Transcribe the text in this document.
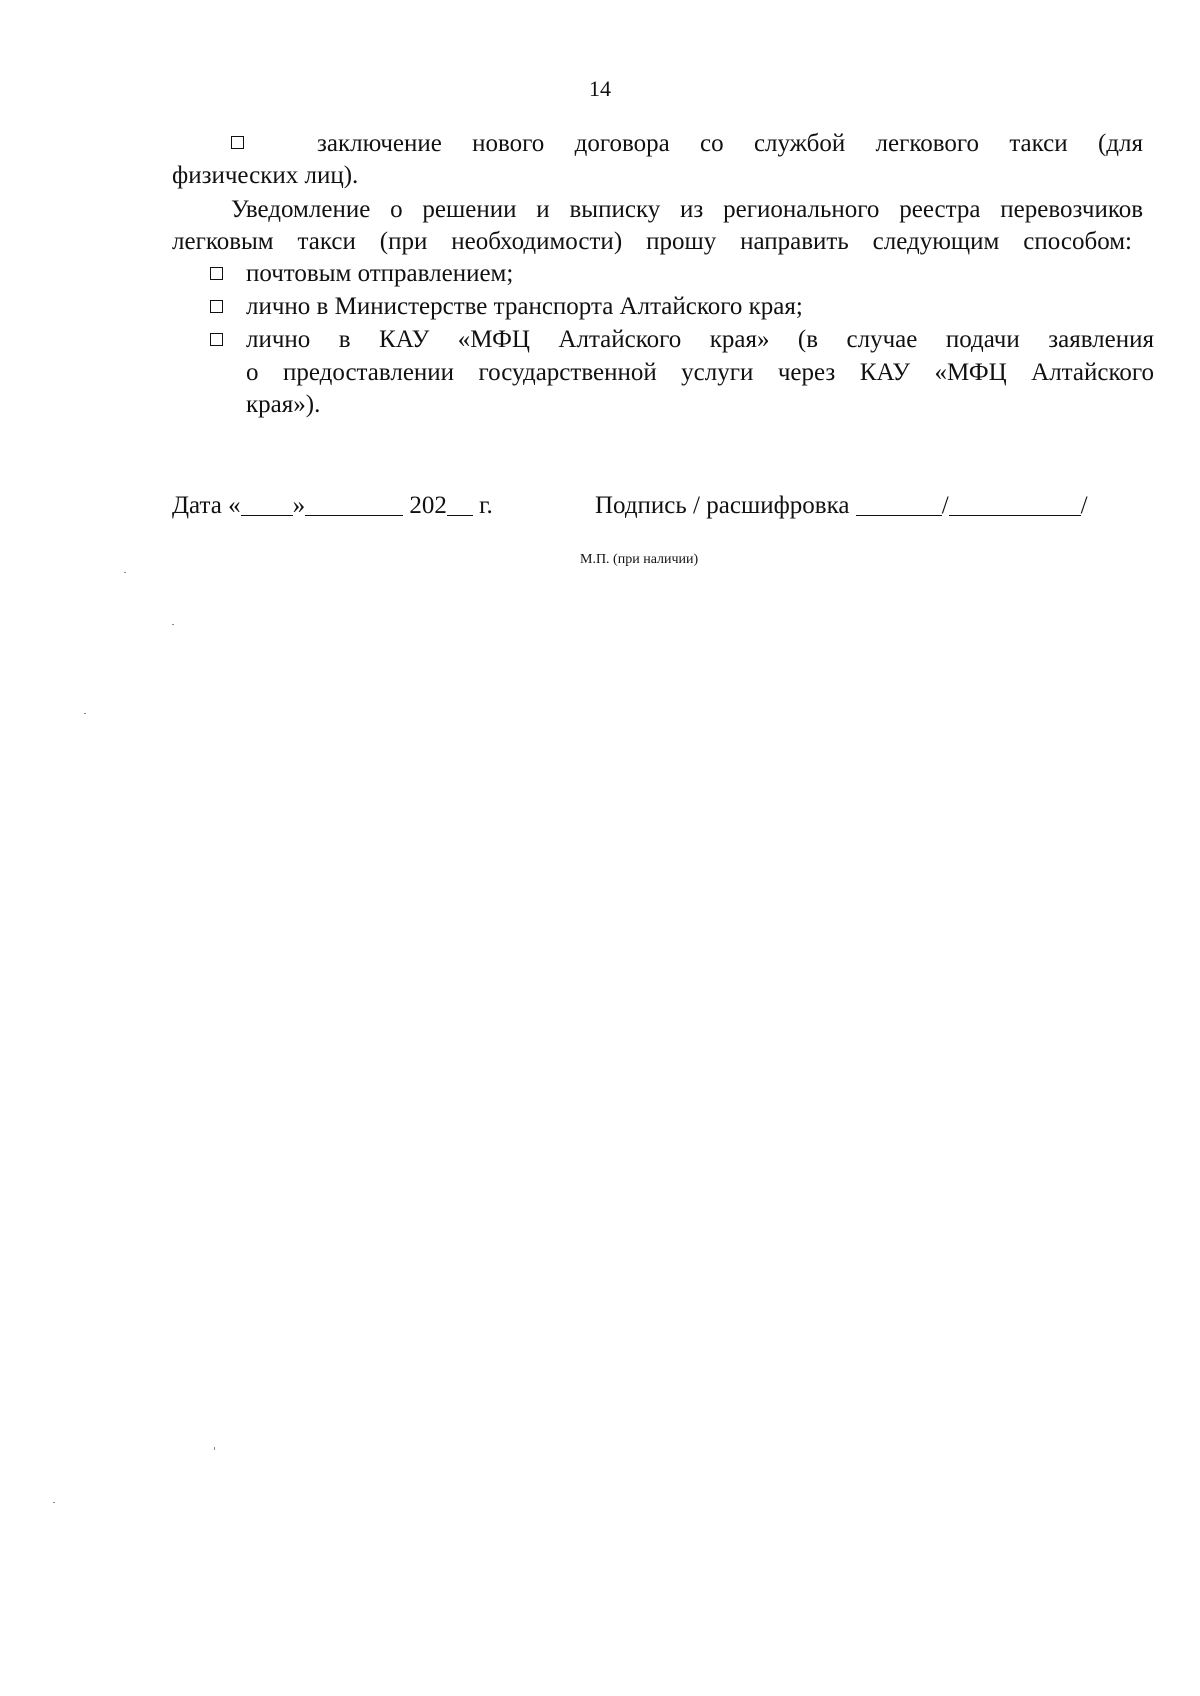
14
заключение нового договора со службой легкового такси (для
физических лиц).
Уведомление о решении и выписку из регионального реестра перевозчиков
легковым такси (при необходимости) прошу направить следующим способом:
почтовым отправлением;
лично в Министерстве транспорта Алтайского края;
лично в КАУ «МФЦ Алтайского края» (в случае подачи заявления
о предоставлении государственной услуги через КАУ «МФЦ Алтайского
края»).
Дата « »	202 г.	Подпись / расшифровка	/	/
М.П. (при наличии)
